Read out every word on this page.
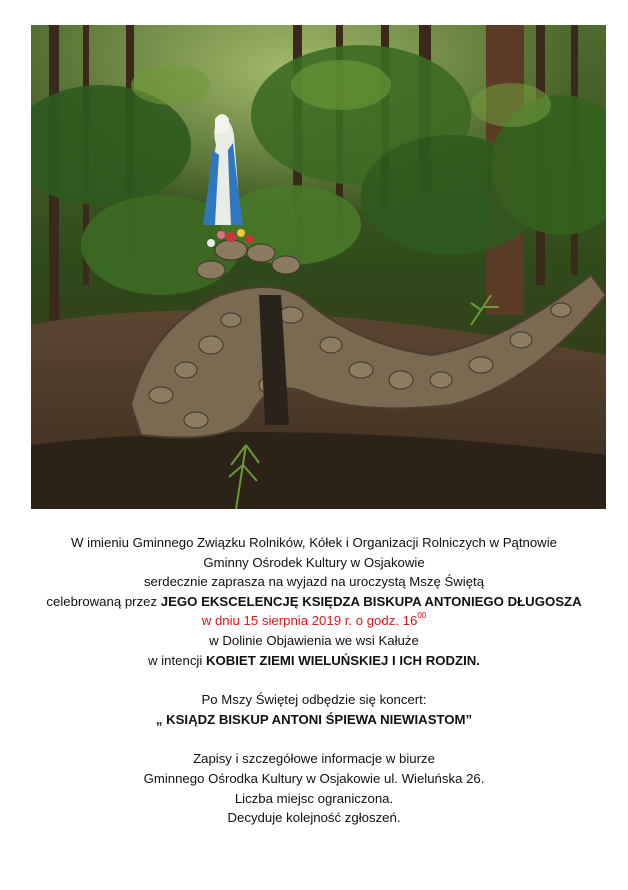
W imieniu Gminnego Związku Rolników, Kółek i Organizacji Rolniczych w Pątnowie
Gminny Ośrodek Kultury w Osjakowie
serdecznie zaprasza na wyjazd na uroczystą Mszę Świętą
celebrowaną przez JEGO EKSCELENCJĘ KSIĘDZA BISKUPA ANTONIEGO DŁUGOSZA
w dniu 15 sierpnia 2019 r. o godz. $16^{00}$
w Dolinie Objawienia we wsi Kałuże
w intencji KOBIET ZIEMI WIELUŃSKIEJ I ICH RODZIN.
Po Mszy Świętej odbędzie się koncert:
„ KSIĄDZ BISKUP ANTONI ŚPIEWA NIEWIASTOM”
Zapisy i szczegółowe informacje w biurze
Gminnego Ośrodka Kultury w Osjakowie ul. Wieluńska 26.
Liczba miejsc ograniczona.
Decyduje kolejność zgłoszeń.
